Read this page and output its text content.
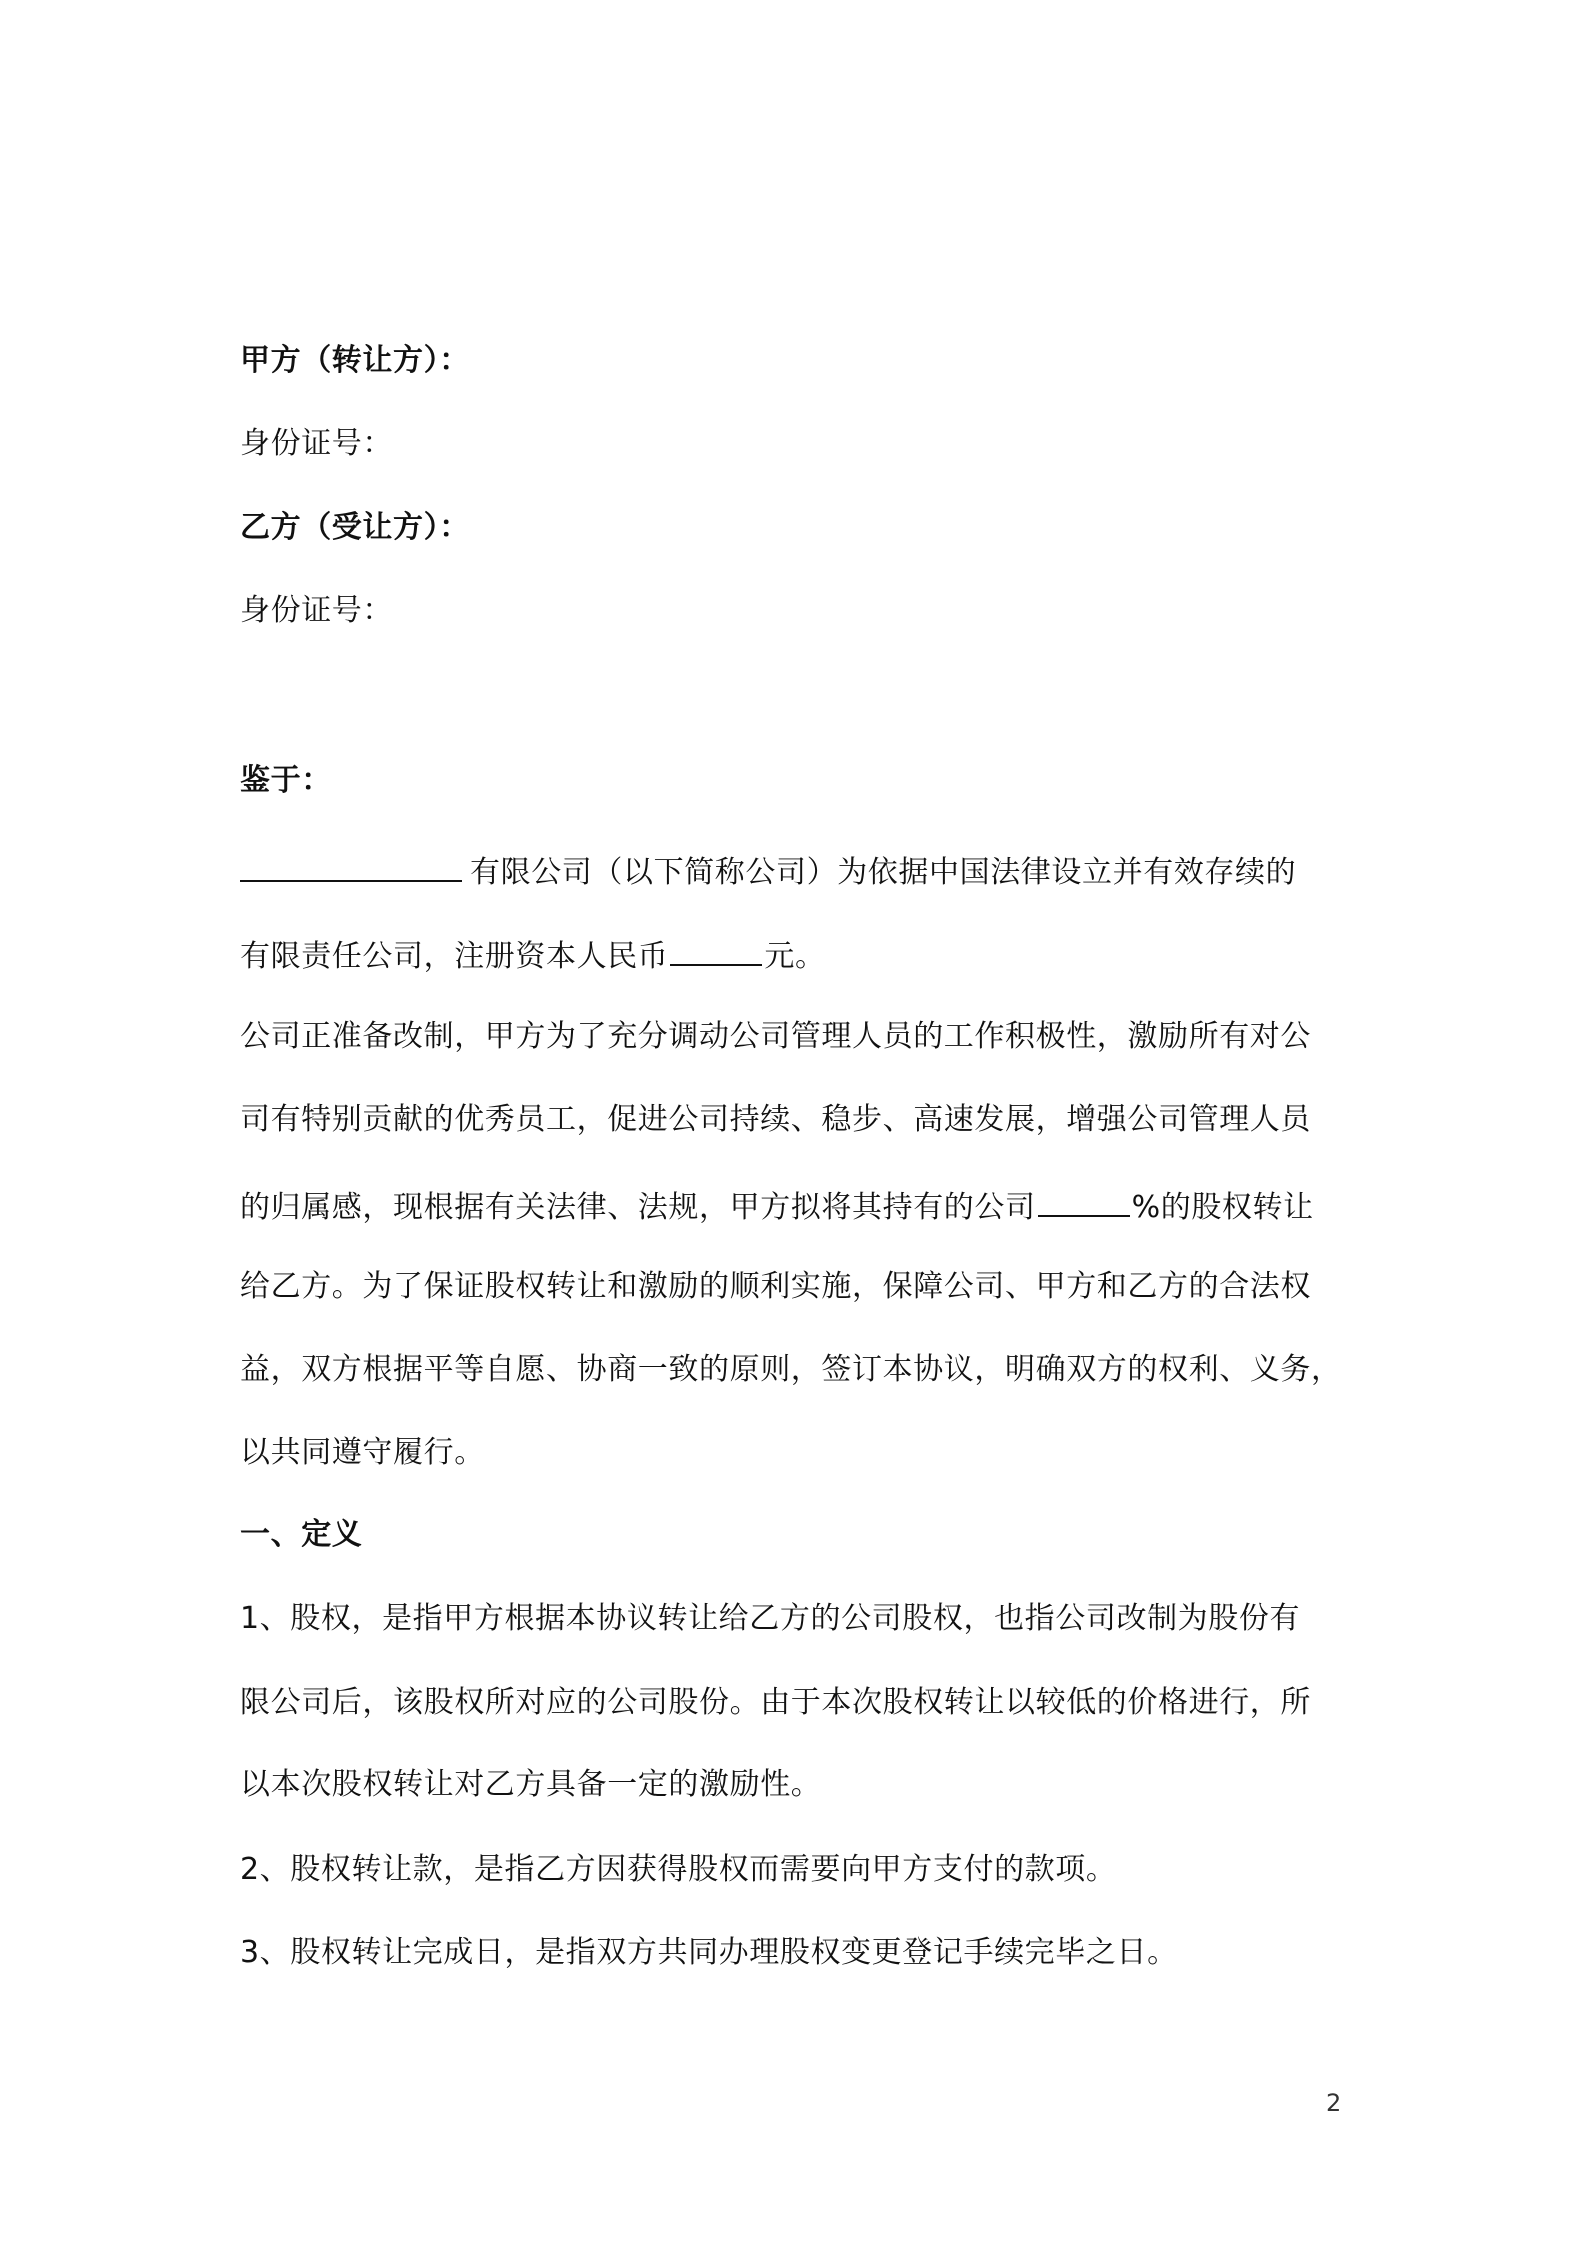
甲方（转让方）：
身份证号：
乙方（受让方）：
身份证号：
鉴于：
有限公司（以下简称公司）为依据中国法律设立并有效存续的
有限责任公司，注册资本人民币	元。
公司正准备改制，甲方为了充分调动公司管理人员的工作积极性，激励所有对公
司有特别贡献的优秀员工，促进公司持续、稳步、高速发展，增强公司管理人员
的归属感，现根据有关法律、法规，甲方拟将其持有的公司	%的股权转让
给乙方。为了保证股权转让和激励的顺利实施，保障公司、甲方和乙方的合法权
益，双方根据平等自愿、协商一致的原则，签订本协议，明确双方的权利、义务，
以共同遵守履行。
一、定义
1、股权，是指甲方根据本协议转让给乙方的公司股权，也指公司改制为股份有
限公司后，该股权所对应的公司股份。由于本次股权转让以较低的价格进行，所
以本次股权转让对乙方具备一定的激励性。
2、股权转让款，是指乙方因获得股权而需要向甲方支付的款项。
3、股权转让完成日，是指双方共同办理股权变更登记手续完毕之日。
2
